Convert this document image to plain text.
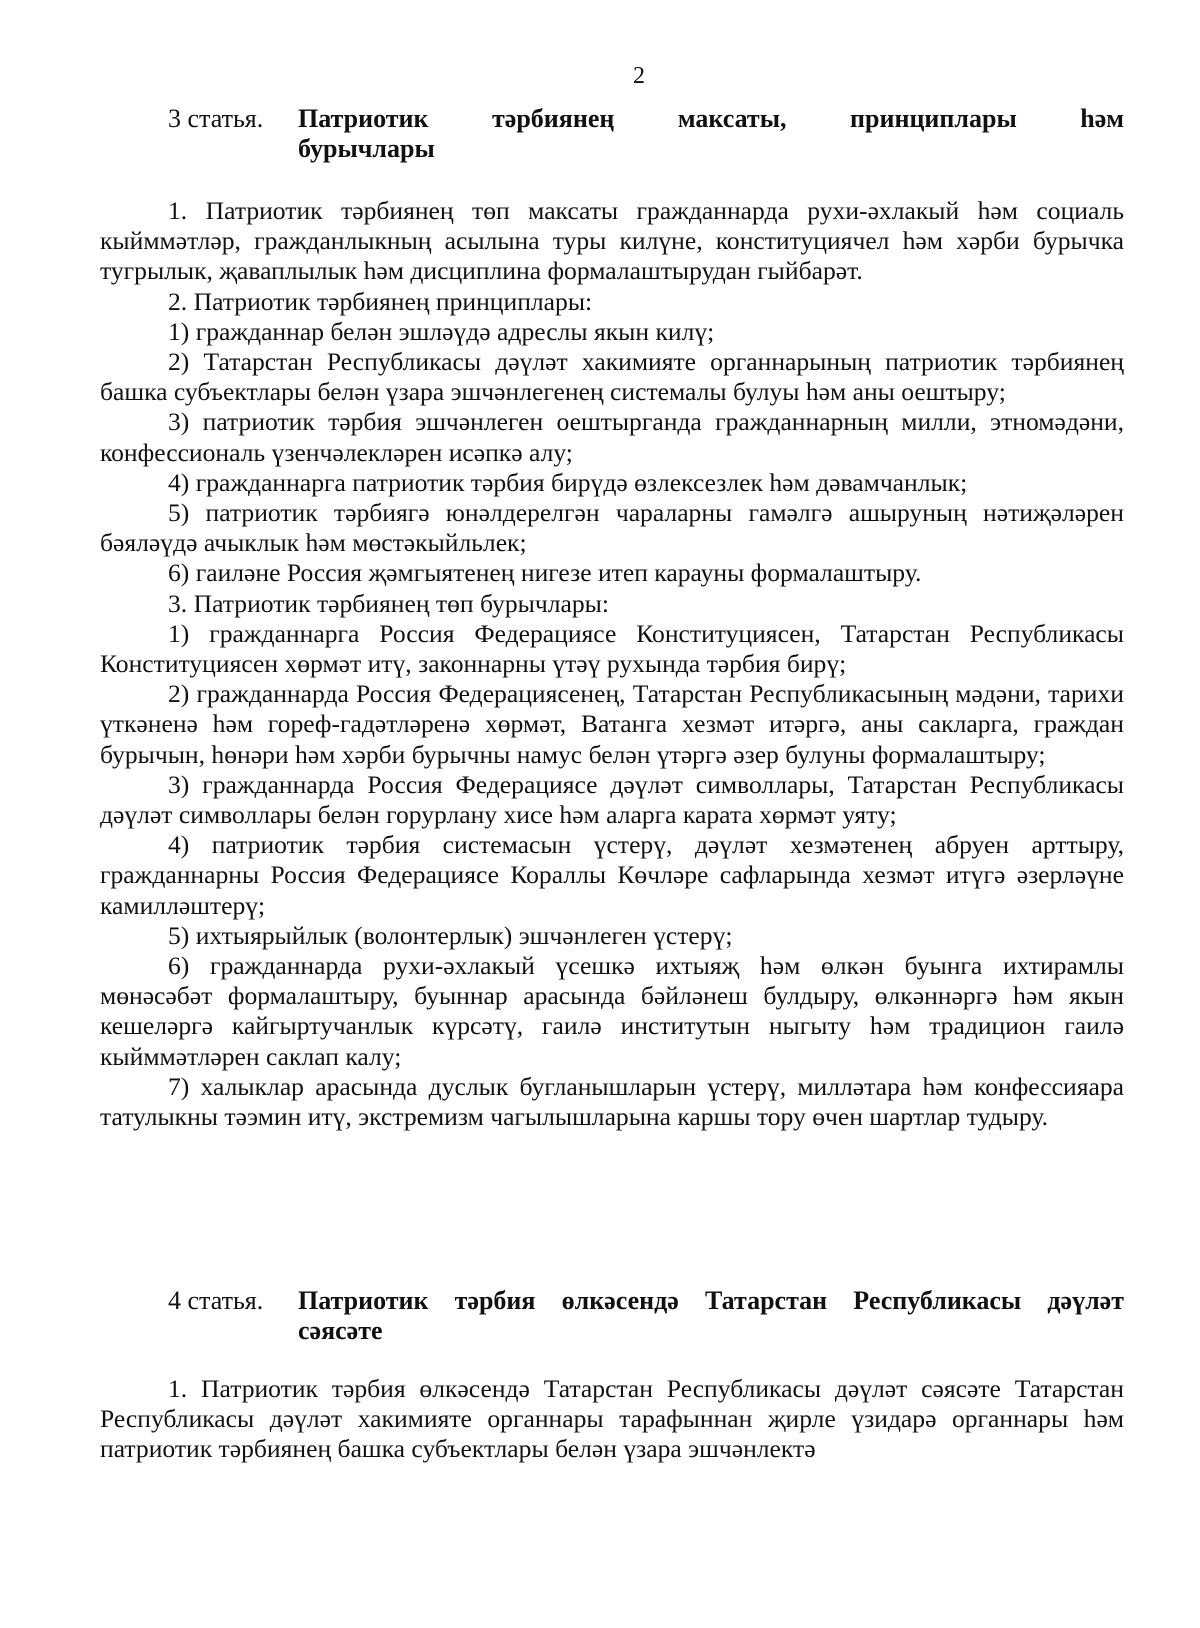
2
3 статья.	Патриотик тәрбиянең максаты, принциплары һәм
бурычлары

1. Патриотик тәрбиянең төп максаты гражданнарда рухи-әхлакый һәм социаль кыйммәтләр, гражданлыкның асылына туры килүне, конституциячел һәм хәрби бурычка тугрылык, җаваплылык һәм дисциплина формалаштырудан гыйбарәт.

2. Патриотик тәрбиянең принциплары:

1) гражданнар белән эшләүдә адреслы якын килү;

2) Татарстан Республикасы дәүләт хакимияте органнарының патриотик тәрбиянең башка субъектлары белән үзара эшчәнлегенең системалы булуы һәм аны оештыру;

3) патриотик тәрбия эшчәнлеген оештырганда гражданнарның милли, этномәдәни, конфессиональ үзенчәлекләрен исәпкә алу;

4) гражданнарга патриотик тәрбия бирүдә өзлексезлек һәм дәвамчанлык;

5) патриотик тәрбиягә юнәлдерелгән чараларны гамәлгә ашыруның нәтиҗәләрен бәяләүдә ачыклык һәм мөстәкыйльлек;

6) гаиләне Россия җәмгыятенең нигезе итеп карауны формалаштыру.

3. Патриотик тәрбиянең төп бурычлары:

1) гражданнарга Россия Федерациясе Конституциясен, Татарстан Республикасы Конституциясен хөрмәт итү, законнарны үтәү рухында тәрбия бирү;

2) гражданнарда Россия Федерациясенең, Татарстан Республикасының мәдәни, тарихи үткәненә һәм гореф-гадәтләренә хөрмәт, Ватанга хезмәт итәргә, аны сакларга, граждан бурычын, һөнәри һәм хәрби бурычны намус белән үтәргә әзер булуны формалаштыру;

3) гражданнарда Россия Федерациясе дәүләт символлары, Татарстан Республикасы дәүләт символлары белән горурлану хисе һәм аларга карата хөрмәт уяту;

4) патриотик тәрбия системасын үстерү, дәүләт хезмәтенең абруен арттыру, гражданнарны Россия Федерациясе Кораллы Көчләре сафларында хезмәт итүгә әзерләүне камилләштерү;

5) ихтыярыйлык (волонтерлык) эшчәнлеген үстерү;

6) гражданнарда рухи-әхлакый үсешкә ихтыяҗ һәм өлкән буынга ихтирамлы мөнәсәбәт формалаштыру, буыннар арасында бәйләнеш булдыру, өлкәннәргә һәм якын кешеләргә кайгыртучанлык күрсәтү, гаилә институтын ныгыту һәм традицион гаилә кыйммәтләрен саклап калу;

7) халыклар арасында дуслык бугланышларын үстерү, милләтара һәм конфессияара татулыкны тәэмин итү, экстремизм чагылышларына каршы тору өчен шартлар тудыру.

4 статья.	Патриотик тәрбия өлкәсендә Татарстан Республикасы дәүләт
сәясәте

1. Патриотик тәрбия өлкәсендә Татарстан Республикасы дәүләт сәясәте Татарстан Республикасы дәүләт хакимияте органнары тарафыннан җирле үзидарә органнары һәм патриотик тәрбиянең башка субъектлары белән үзара эшчәнлектә
